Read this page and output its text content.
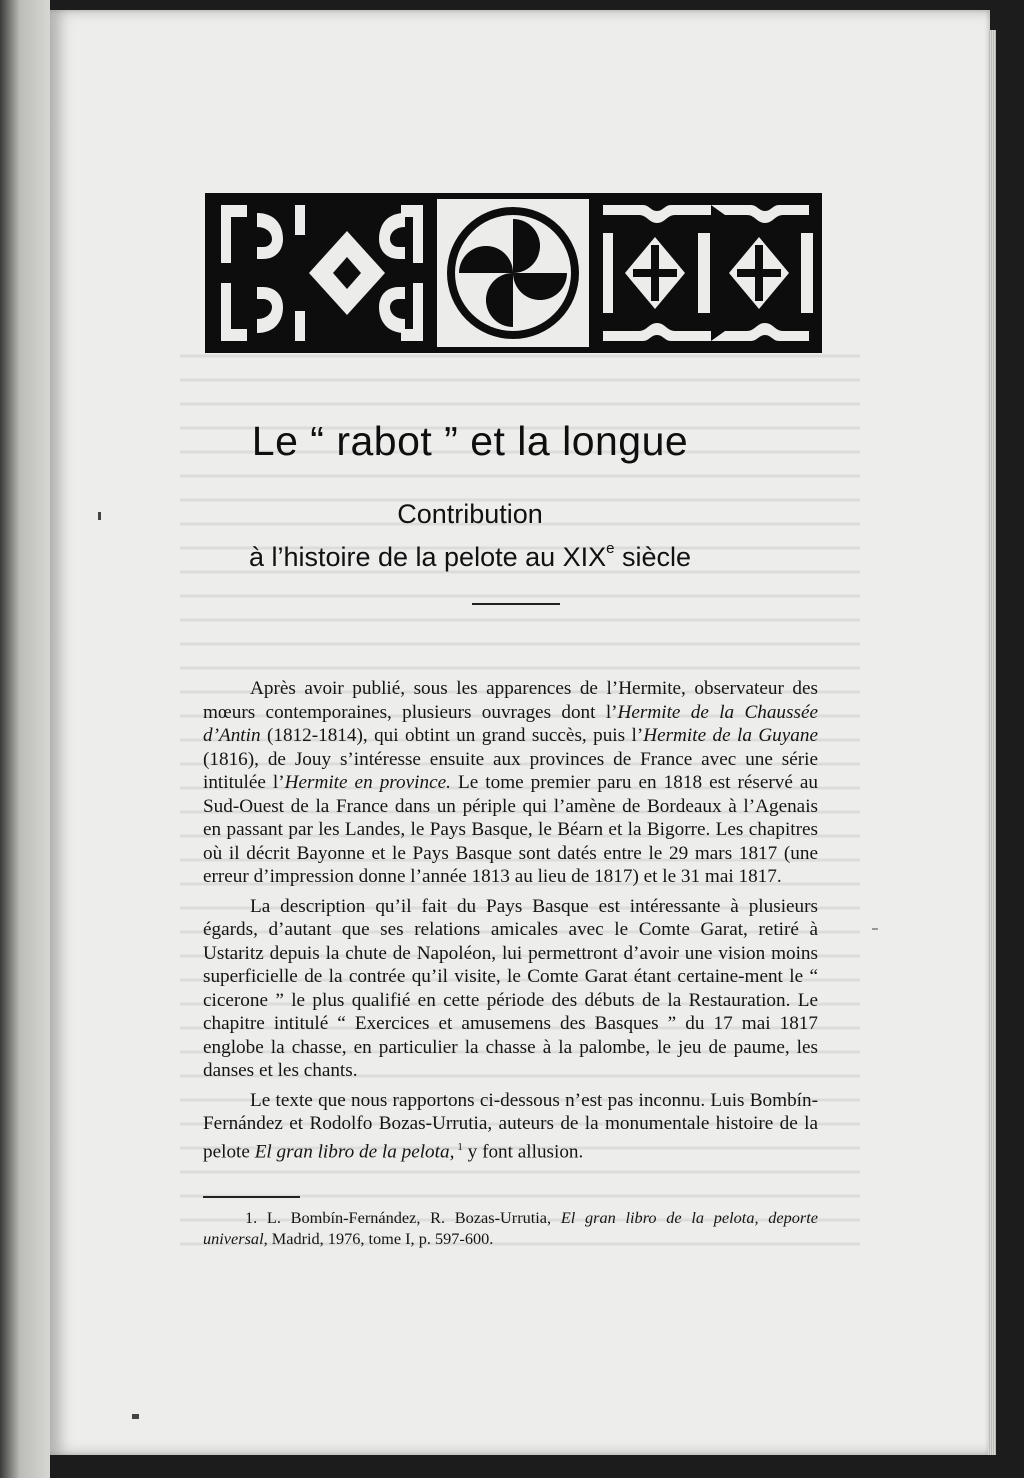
Le “ rabot ” et la longue
Contribution
à l’histoire de la pelote au XIXe siècle

Après avoir publié, sous les apparences de l’Hermite, observateur des mœurs contemporaines, plusieurs ouvrages dont l’Hermite de la Chaussée d’Antin (1812-1814), qui obtint un grand succès, puis l’Hermite de la Guyane (1816), de Jouy s’intéresse ensuite aux provinces de France avec une série intitulée l’Hermite en province. Le tome premier paru en 1818 est réservé au Sud-Ouest de la France dans un périple qui l’amène de Bordeaux à l’Agenais en passant par les Landes, le Pays Basque, le Béarn et la Bigorre. Les chapitres où il décrit Bayonne et le Pays Basque sont datés entre le 29 mars 1817 (une erreur d’impression donne l’année 1813 au lieu de 1817) et le 31 mai 1817.

La description qu’il fait du Pays Basque est intéressante à plusieurs égards, d’autant que ses relations amicales avec le Comte Garat, retiré à Ustaritz depuis la chute de Napoléon, lui permettront d’avoir une vision moins superficielle de la contrée qu’il visite, le Comte Garat étant certaine-ment le “ cicerone ” le plus qualifié en cette période des débuts de la Restauration. Le chapitre intitulé “ Exercices et amusemens des Basques ” du 17 mai 1817 englobe la chasse, en particulier la chasse à la palombe, le jeu de paume, les danses et les chants.

Le texte que nous rapportons ci-dessous n’est pas inconnu. Luis Bombín-Fernández et Rodolfo Bozas-Urrutia, auteurs de la monumentale histoire de la pelote El gran libro de la pelota, $^1$ y font allusion.

1. L. Bombín-Fernández, R. Bozas-Urrutia, El gran libro de la pelota, deporte universal, Madrid, 1976, tome I, p. 597-600.
